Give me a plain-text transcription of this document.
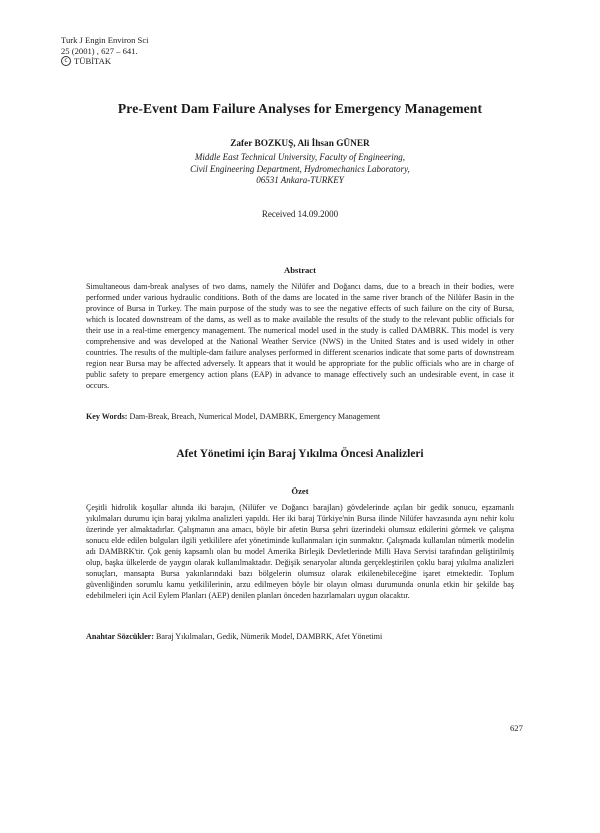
Turk J Engin Environ Sci
25 (2001) , 627 – 641.
c TÜBİTAK
Pre-Event Dam Failure Analyses for Emergency Management
Zafer BOZKUŞ, Ali İhsan GÜNER
Middle East Technical University, Faculty of Engineering,
Civil Engineering Department, Hydromechanics Laboratory,
06531 Ankara-TURKEY
Received 14.09.2000
Abstract
Simultaneous dam-break analyses of two dams, namely the Nilüfer and Doğancı dams, due to a breach in their bodies, were performed under various hydraulic conditions. Both of the dams are located in the same river branch of the Nilüfer Basin in the province of Bursa in Turkey. The main purpose of the study was to see the negative effects of such failure on the city of Bursa, which is located downstream of the dams, as well as to make available the results of the study to the relevant public officials for their use in a real-time emergency management. The numerical model used in the study is called DAMBRK. This model is very comprehensive and was developed at the National Weather Service (NWS) in the United States and is used widely in other countries. The results of the multiple-dam failure analyses performed in different scenarios indicate that some parts of downstream region near Bursa may be affected adversely. It appears that it would be appropriate for the public officials who are in charge of public safety to prepare emergency action plans (EAP) in advance to manage effectively such an undesirable event, in case it occurs.
Key Words: Dam-Break, Breach, Numerical Model, DAMBRK, Emergency Management
Afet Yönetimi için Baraj Yıkılma Öncesi Analizleri
Özet
Çeşitli hidrolik koşullar altında iki barajın, (Nilüfer ve Doğancı barajları) gövdelerinde açılan bir gedik sonucu, eşzamanlı yıkılmaları durumu için baraj yıkılma analizleri yapıldı. Her iki baraj Türkiye'nin Bursa ilinde Nilüfer havzasında aynı nehir kolu üzerinde yer almaktadırlar. Çalışmanın ana amacı, böyle bir afetin Bursa şehri üzerindeki olumsuz etkilerini görmek ve çalışma sonucu elde edilen bulguları ilgili yetkililere afet yönetiminde kullanmaları için sunmaktır. Çalışmada kullanılan nümerik modelin adı DAMBRK'tir. Çok geniş kapsamlı olan bu model Amerika Birleşik Devletlerinde Milli Hava Servisi tarafından geliştirilmiş olup, başka ülkelerde de yaygın olarak kullanılmaktadır. Değişik senaryolar altında gerçekleştirilen çoklu baraj yıkılma analizleri sonuçları, mansapta Bursa yakınlarındaki bazı bölgelerin olumsuz olarak etkilenebileceğine işaret etmektedir. Toplum güvenliğinden sorumlu kamu yetkililerinin, arzu edilmeyen böyle bir olayın olması durumunda onunla etkin bir şekilde baş edebilmeleri için Acil Eylem Planları (AEP) denilen planları önceden hazırlamaları uygun olacaktır.
Anahtar Sözcükler: Baraj Yıkılmaları, Gedik, Nümerik Model, DAMBRK, Afet Yönetimi
627
